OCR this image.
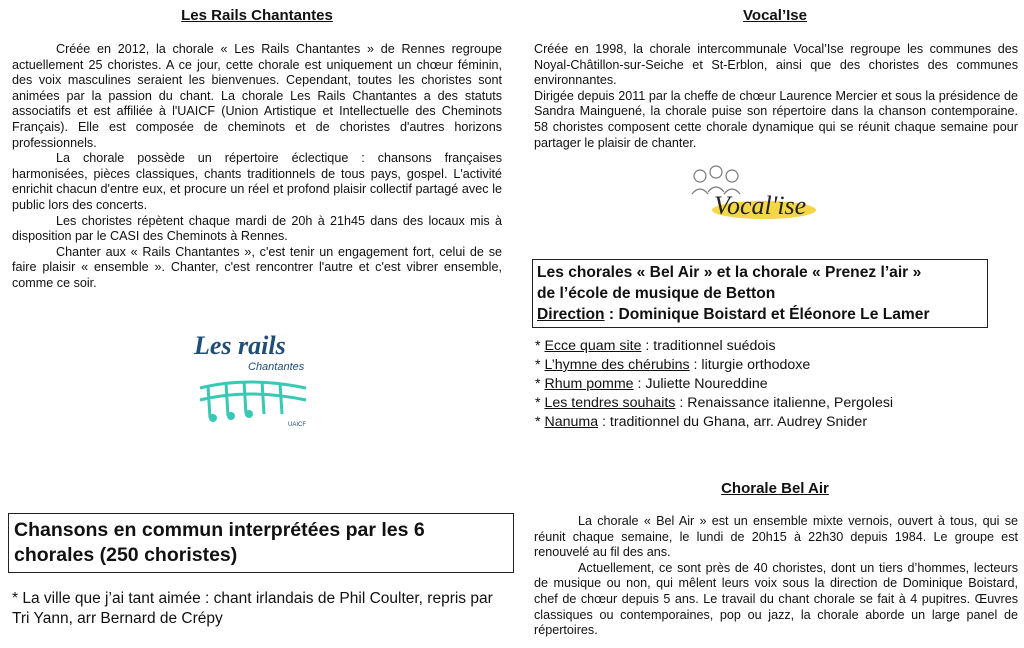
Les Rails Chantantes

Créée en 2012, la chorale « Les Rails Chantantes » de Rennes regroupe actuellement 25 choristes. A ce jour, cette chorale est uniquement un chœur féminin, des voix masculines seraient les bienvenues. Cependant, toutes les choristes sont animées par la passion du chant. La chorale Les Rails Chantantes a des statuts associatifs et est affiliée à l'UAICF (Union Artistique et Intellectuelle des Cheminots Français). Elle est composée de cheminots et de choristes d'autres horizons professionnels.

La chorale possède un répertoire éclectique : chansons françaises harmonisées, pièces classiques, chants traditionnels de tous pays, gospel. L'activité enrichit chacun d'entre eux, et procure un réel et profond plaisir collectif partagé avec le public lors des concerts.

Les choristes répètent chaque mardi de 20h à 21h45 dans des locaux mis à disposition par le CASI des Cheminots à Rennes.

Chanter aux « Rails Chantantes », c'est tenir un engagement fort, celui de se faire plaisir « ensemble ». Chanter, c'est rencontrer l'autre et c'est vibrer ensemble, comme ce soir.

Les rails
Chantantes
UAICF
Chansons en commun interprétées par les 6 chorales (250 choristes)
* La ville que j’ai tant aimée : chant irlandais de Phil Coulter, repris par Tri Yann, arr Bernard de Crépy
Vocal’Ise

Créée en 1998, la chorale intercommunale Vocal’Ise regroupe les communes des Noyal-Châtillon-sur-Seiche et St-Erblon, ainsi que des choristes des communes environnantes.

Dirigée depuis 2011 par la cheffe de chœur Laurence Mercier et sous la présidence de Sandra Mainguené, la chorale puise son répertoire dans la chanson contemporaine. 58 choristes composent cette chorale dynamique qui se réunit chaque semaine pour partager le plaisir de chanter.

Vocal'ise
Les chorales « Bel Air » et la chorale « Prenez l’air »
de l’école de musique de Betton
Direction : Dominique Boistard et Éléonore Le Lamer
* Ecce quam site : traditionnel suédois
* L’hymne des chérubins : liturgie orthodoxe
* Rhum pomme : Juliette Noureddine
* Les tendres souhaits : Renaissance italienne, Pergolesi
* Nanuma : traditionnel du Ghana, arr. Audrey Snider
Chorale Bel Air

La chorale « Bel Air » est un ensemble mixte vernois, ouvert à tous, qui se réunit chaque semaine, le lundi de 20h15 à 22h30 depuis 1984. Le groupe est renouvelé au fil des ans.

Actuellement, ce sont près de 40 choristes, dont un tiers d’hommes, lecteurs de musique ou non, qui mêlent leurs voix sous la direction de Dominique Boistard, chef de chœur depuis 5 ans. Le travail du chant chorale se fait à 4 pupitres. Œuvres classiques ou contemporaines, pop ou jazz, la chorale aborde un large panel de répertoires.
